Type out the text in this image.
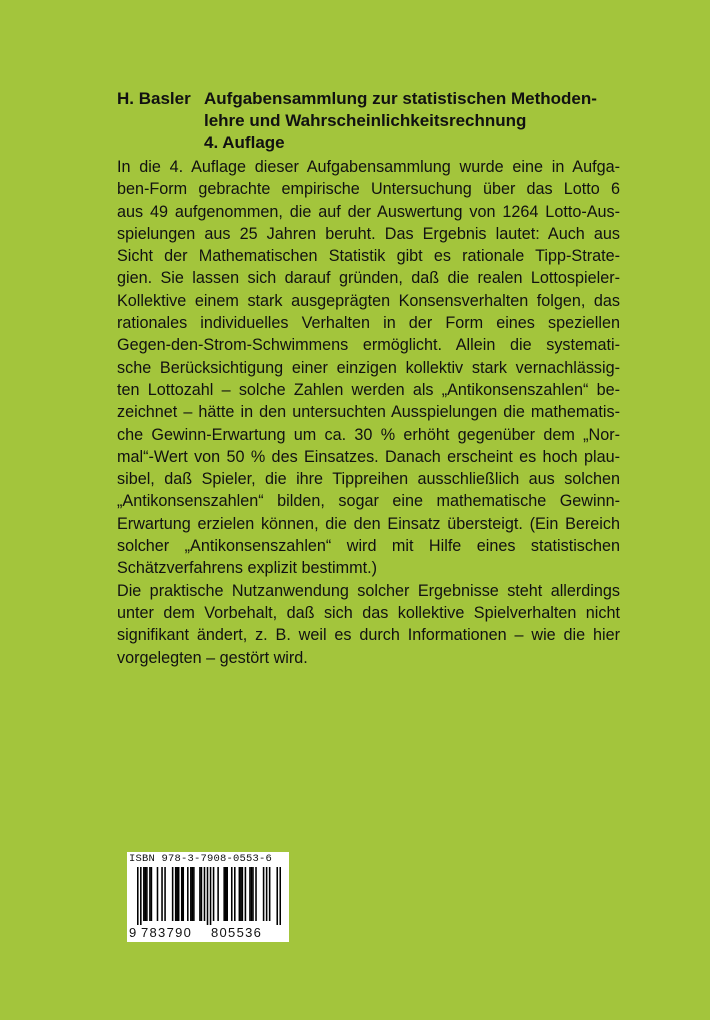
H. Basler Aufgabensammlung zur statistischen Methoden-
lehre und Wahrscheinlichkeitsrechnung
4. Auflage

In die 4. Auflage dieser Aufgabensammlung wurde eine in Aufga-
ben-Form gebrachte empirische Untersuchung über das Lotto 6
aus 49 aufgenommen, die auf der Auswertung von 1264 Lotto-Aus-
spielungen aus 25 Jahren beruht. Das Ergebnis lautet: Auch aus
Sicht der Mathematischen Statistik gibt es rationale Tipp-Strate-
gien. Sie lassen sich darauf gründen, daß die realen Lottospieler-
Kollektive einem stark ausgeprägten Konsensverhalten folgen, das
rationales individuelles Verhalten in der Form eines speziellen
Gegen-den-Strom-Schwimmens ermöglicht. Allein die systemati-
sche Berücksichtigung einer einzigen kollektiv stark vernachlässig-
ten Lottozahl – solche Zahlen werden als „Antikonsenszahlen“ be-
zeichnet – hätte in den untersuchten Ausspielungen die mathematis-
che Gewinn-Erwartung um ca. 30 % erhöht gegenüber dem „Nor-
mal“-Wert von 50 % des Einsatzes. Danach erscheint es hoch plau-
sibel, daß Spieler, die ihre Tippreihen ausschließlich aus solchen
„Antikonsenszahlen“ bilden, sogar eine mathematische Gewinn-
Erwartung erzielen können, die den Einsatz übersteigt. (Ein Bereich
solcher „Antikonsenszahlen“ wird mit Hilfe eines statistischen
Schätzverfahrens explizit bestimmt.)

Die praktische Nutzanwendung solcher Ergebnisse steht allerdings
unter dem Vorbehalt, daß sich das kollektive Spielverhalten nicht
signifikant ändert, z. B. weil es durch Informationen – wie die hier
vorgelegten – gestört wird.

ISBN 978-3-7908-0553-6
9 783790 805536
